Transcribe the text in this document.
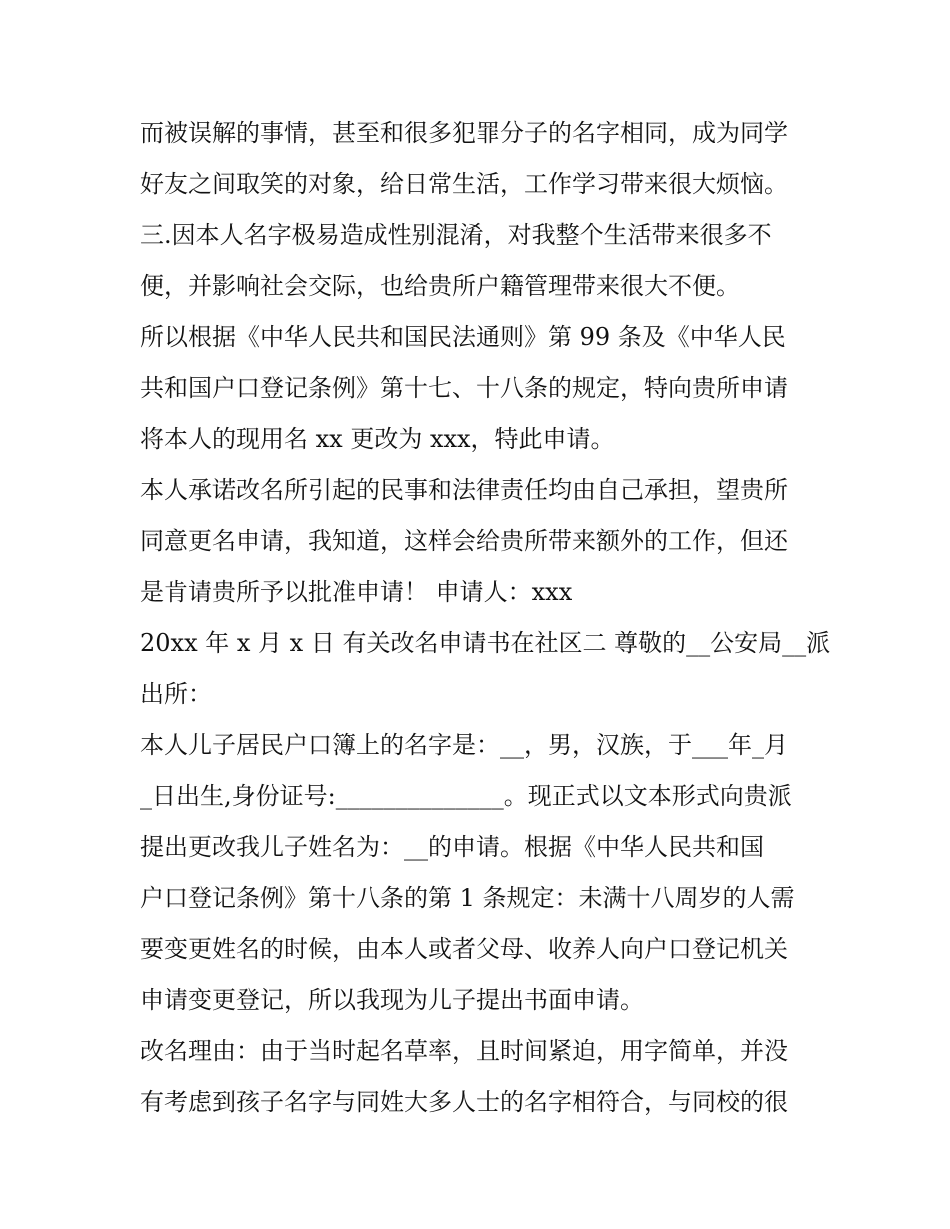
而被误解的事情，甚至和很多犯罪分子的名字相同，成为同学
好友之间取笑的对象，给日常生活，工作学习带来很大烦恼。
三.因本人名字极易造成性别混淆，对我整个生活带来很多不
便，并影响社会交际，也给贵所户籍管理带来很大不便。
所以根据《中华人民共和国民法通则》第 99 条及《中华人民
共和国户口登记条例》第十七、十八条的规定，特向贵所申请
将本人的现用名 xx 更改为 xxx，特此申请。
本人承诺改名所引起的民事和法律责任均由自己承担，望贵所
同意更名申请，我知道，这样会给贵所带来额外的工作，但还
是肯请贵所予以批准申请！ 申请人：xxx
20xx 年 x 月 x 日 有关改名申请书在社区二 尊敬的__公安局__派
出所：
本人儿子居民户口簿上的名字是：__，男，汉族，于___年_月
_日出生,身份证号:______________。现正式以文本形式向贵派
提出更改我儿子姓名为：__的申请。根据《中华人民共和国
户口登记条例》第十八条的第 1 条规定：未满十八周岁的人需
要变更姓名的时候，由本人或者父母、收养人向户口登记机关
申请变更登记，所以我现为儿子提出书面申请。
改名理由：由于当时起名草率，且时间紧迫，用字简单，并没
有考虑到孩子名字与同姓大多人士的名字相符合，与同校的很
